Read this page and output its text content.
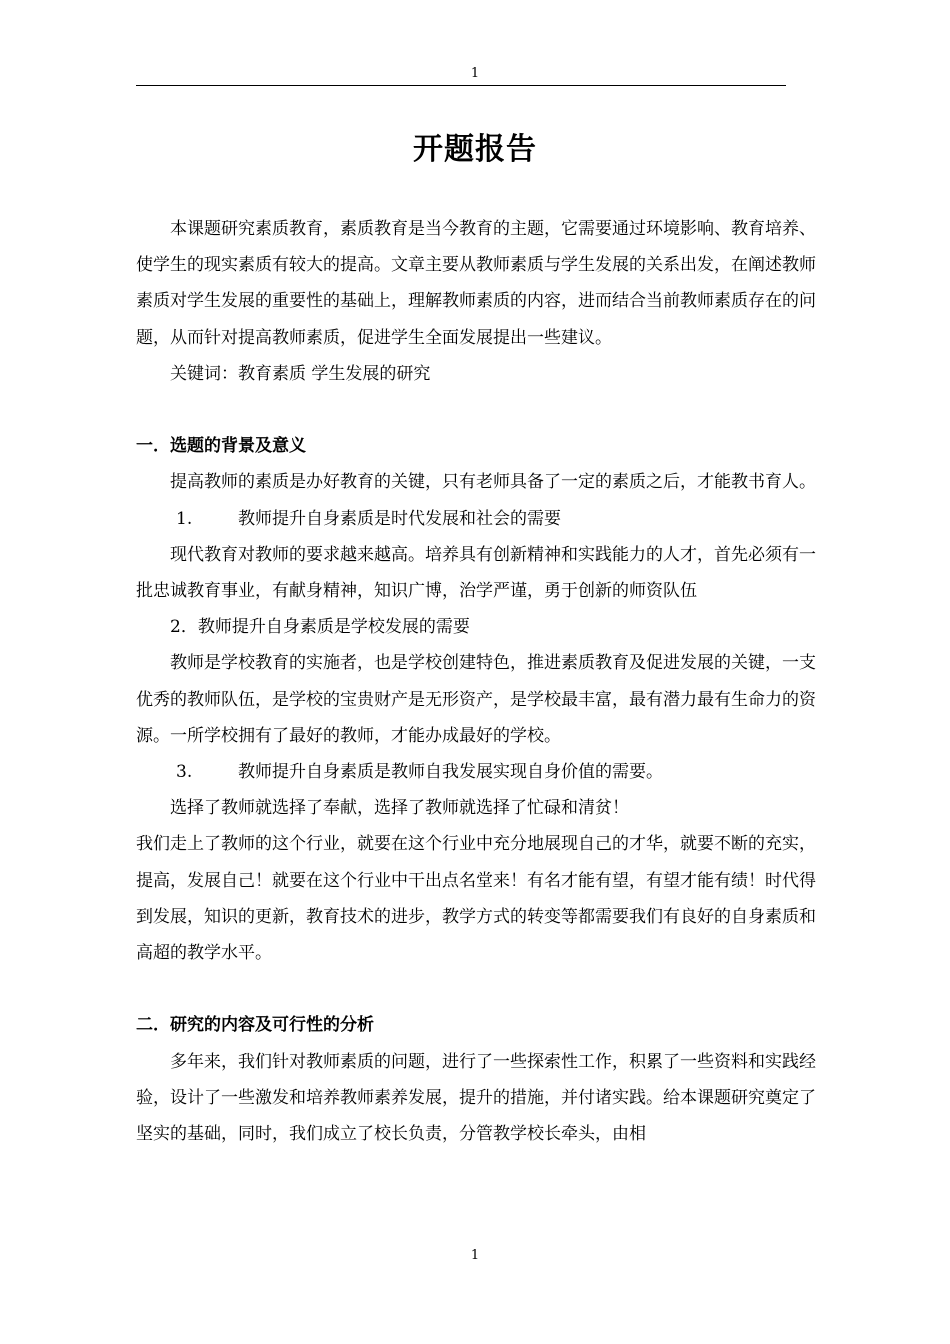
1
开题报告

本课题研究素质教育，素质教育是当今教育的主题，它需要通过环境影响、教育培养、使学生的现实素质有较大的提高。文章主要从教师素质与学生发展的关系出发，在阐述教师素质对学生发展的重要性的基础上，理解教师素质的内容，进而结合当前教师素质存在的问题，从而针对提高教师素质，促进学生全面发展提出一些建议。

关键词：教育素质 学生发展的研究

一．选题的背景及意义

提高教师的素质是办好教育的关键，只有老师具备了一定的素质之后，才能教书育人。

1.	教师提升自身素质是时代发展和社会的需要

现代教育对教师的要求越来越高。培养具有创新精神和实践能力的人才，首先必须有一批忠诚教育事业，有献身精神，知识广博，治学严谨，勇于创新的师资队伍

2．教师提升自身素质是学校发展的需要

教师是学校教育的实施者，也是学校创建特色，推进素质教育及促进发展的关键，一支优秀的教师队伍，是学校的宝贵财产是无形资产，是学校最丰富，最有潜力最有生命力的资源。一所学校拥有了最好的教师，才能办成最好的学校。

3.	教师提升自身素质是教师自我发展实现自身价值的需要。

选择了教师就选择了奉献，选择了教师就选择了忙碌和清贫！

我们走上了教师的这个行业，就要在这个行业中充分地展现自己的才华，就要不断的充实，提高，发展自己！就要在这个行业中干出点名堂来！有名才能有望，有望才能有绩！时代得到发展，知识的更新，教育技术的进步，教学方式的转变等都需要我们有良好的自身素质和高超的教学水平。

二．研究的内容及可行性的分析

多年来，我们针对教师素质的问题，进行了一些探索性工作，积累了一些资料和实践经验，设计了一些激发和培养教师素养发展，提升的措施，并付诸实践。给本课题研究奠定了坚实的基础，同时，我们成立了校长负责，分管教学校长牵头，由相

1
